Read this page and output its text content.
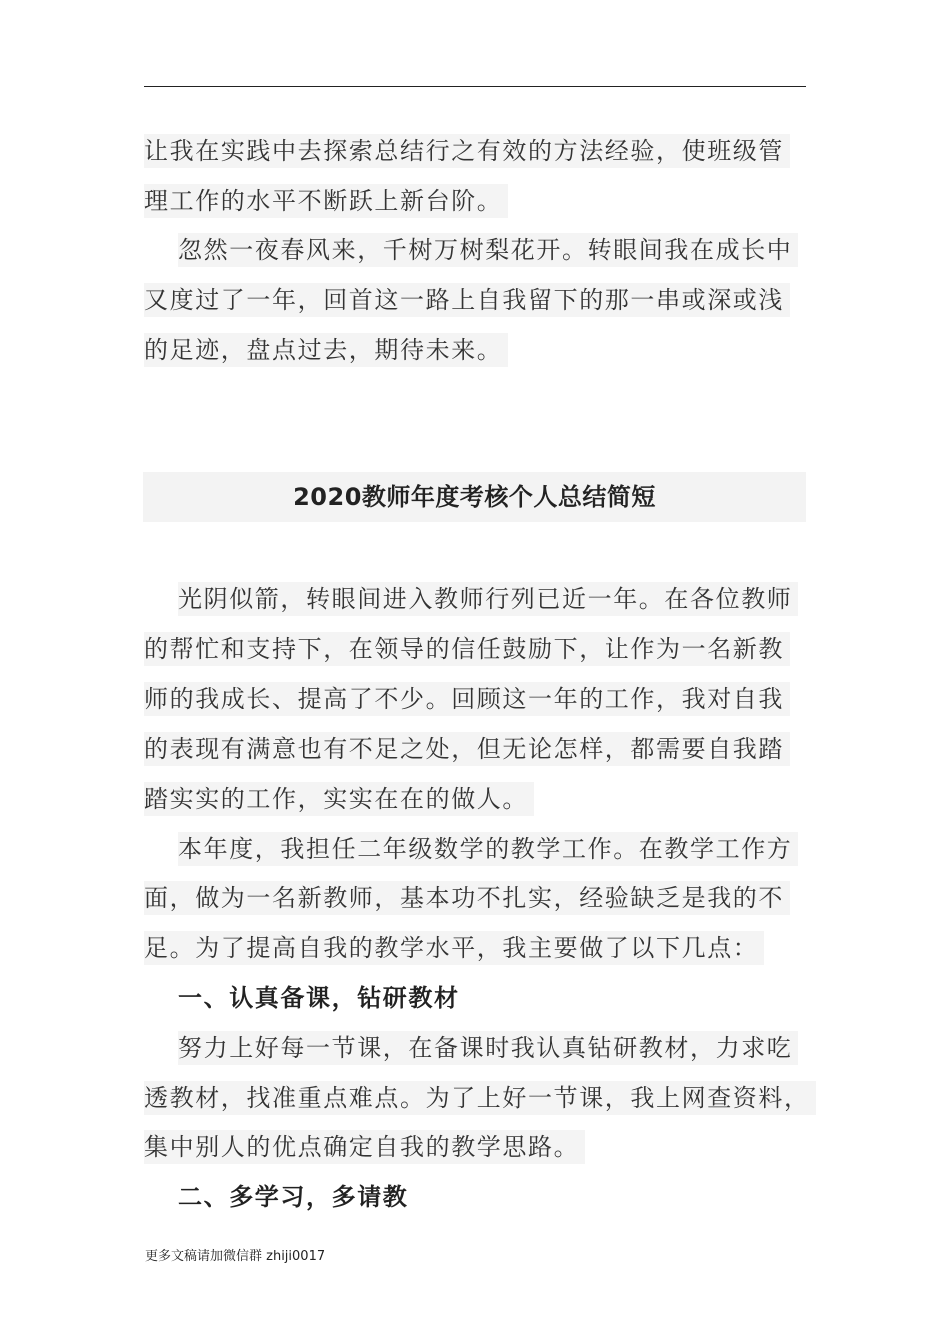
让我在实践中去探索总结行之有效的方法经验，使班级管
理工作的水平不断跃上新台阶。
忽然一夜春风来，千树万树梨花开。转眼间我在成长中
又度过了一年，回首这一路上自我留下的那一串或深或浅
的足迹，盘点过去，期待未来。
2020教师年度考核个人总结简短
光阴似箭，转眼间进入教师行列已近一年。在各位教师
的帮忙和支持下，在领导的信任鼓励下，让作为一名新教
师的我成长、提高了不少。回顾这一年的工作，我对自我
的表现有满意也有不足之处，但无论怎样，都需要自我踏
踏实实的工作，实实在在的做人。
本年度，我担任二年级数学的教学工作。在教学工作方
面，做为一名新教师，基本功不扎实，经验缺乏是我的不
足。为了提高自我的教学水平，我主要做了以下几点：
一、认真备课，钻研教材
努力上好每一节课，在备课时我认真钻研教材，力求吃
透教材，找准重点难点。为了上好一节课，我上网查资料，
集中别人的优点确定自我的教学思路。
二、多学习，多请教
更多文稿请加微信群 zhiji0017
